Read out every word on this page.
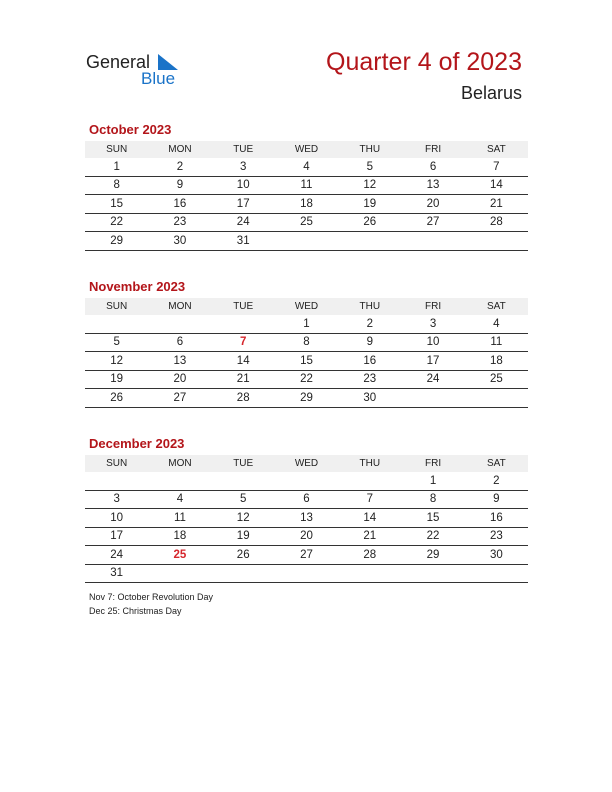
General
Blue
Quarter 4 of 2023
Belarus
October 2023
SUN	MON	TUE	WED	THU	FRI	SAT
1	2	3	4	5	6	7
8	9	10	11	12	13	14
15	16	17	18	19	20	21
22	23	24	25	26	27	28
29	30	31				
November 2023
SUN	MON	TUE	WED	THU	FRI	SAT
			1	2	3	4
5	6	7	8	9	10	11
12	13	14	15	16	17	18
19	20	21	22	23	24	25
26	27	28	29	30		
December 2023
SUN	MON	TUE	WED	THU	FRI	SAT
					1	2
3	4	5	6	7	8	9
10	11	12	13	14	15	16
17	18	19	20	21	22	23
24	25	26	27	28	29	30
31						
Nov 7: October Revolution Day
Dec 25: Christmas Day
